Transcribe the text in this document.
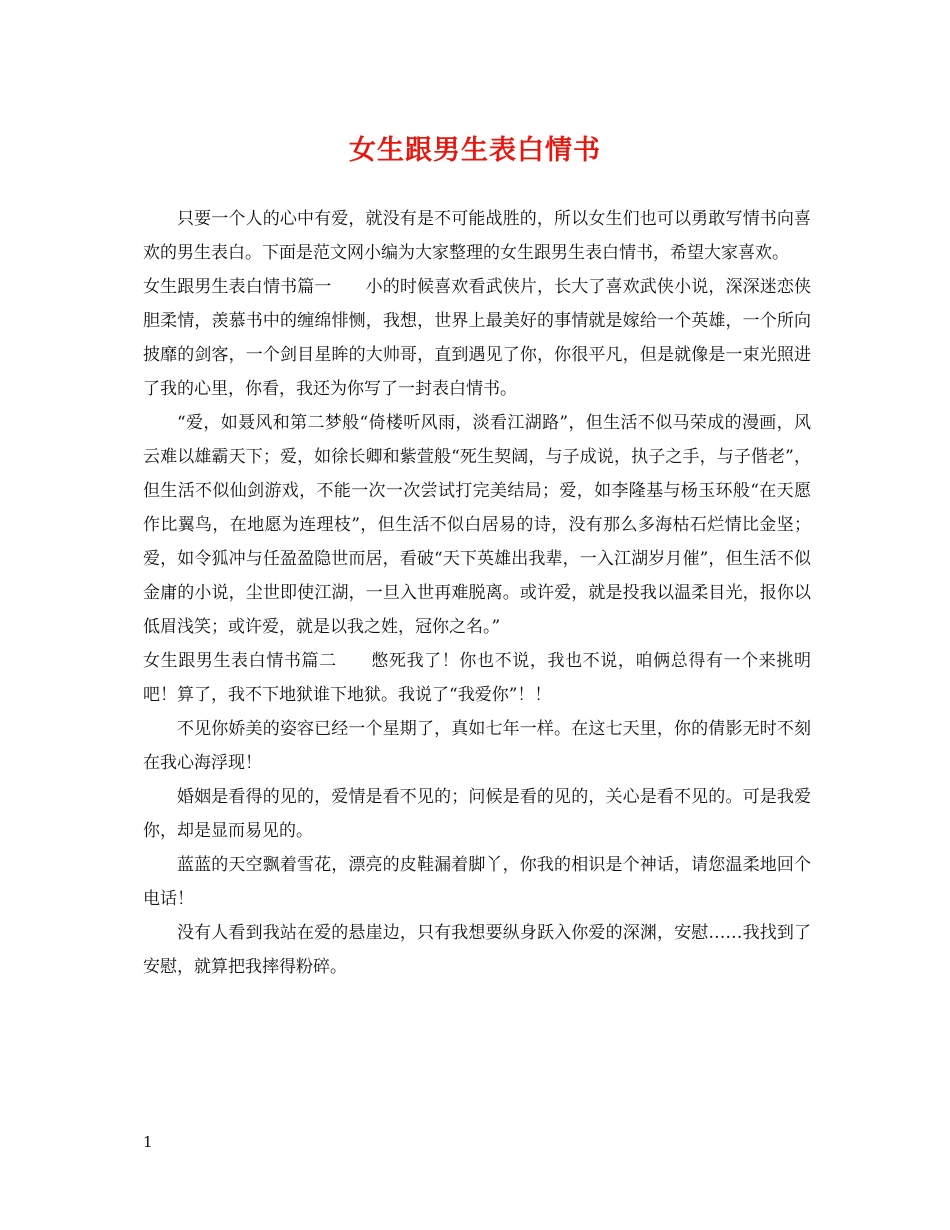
女生跟男生表白情书

只要一个人的心中有爱，就没有是不可能战胜的，所以女生们也可以勇敢写情书向喜欢的男生表白。下面是范文网小编为大家整理的女生跟男生表白情书，希望大家喜欢。

女生跟男生表白情书篇一 小的时候喜欢看武侠片，长大了喜欢武侠小说，深深迷恋侠胆柔情，羡慕书中的缠绵悱恻，我想，世界上最美好的事情就是嫁给一个英雄，一个所向披靡的剑客，一个剑目星眸的大帅哥，直到遇见了你，你很平凡，但是就像是一束光照进了我的心里，你看，我还为你写了一封表白情书。

“爱，如聂风和第二梦般“倚楼听风雨，淡看江湖路”，但生活不似马荣成的漫画，风云难以雄霸天下；爱，如徐长卿和紫萱般“死生契阔，与子成说，执子之手，与子偕老”，但生活不似仙剑游戏，不能一次一次尝试打完美结局；爱，如李隆基与杨玉环般“在天愿作比翼鸟，在地愿为连理枝”，但生活不似白居易的诗，没有那么多海枯石烂情比金坚；爱，如令狐冲与任盈盈隐世而居，看破“天下英雄出我辈，一入江湖岁月催”，但生活不似金庸的小说，尘世即使江湖，一旦入世再难脱离。或许爱，就是投我以温柔目光，报你以低眉浅笑；或许爱，就是以我之姓，冠你之名。”

女生跟男生表白情书篇二 憋死我了！你也不说，我也不说，咱俩总得有一个来挑明吧！算了，我不下地狱谁下地狱。我说了“我爱你”！！

不见你娇美的姿容已经一个星期了，真如七年一样。在这七天里，你的倩影无时不刻在我心海浮现！

婚姻是看得的见的，爱情是看不见的；问候是看的见的，关心是看不见的。可是我爱你，却是显而易见的。

蓝蓝的天空飘着雪花，漂亮的皮鞋漏着脚丫，你我的相识是个神话，请您温柔地回个电话！

没有人看到我站在爱的悬崖边，只有我想要纵身跃入你爱的深渊，安慰……我找到了安慰，就算把我摔得粉碎。

1
